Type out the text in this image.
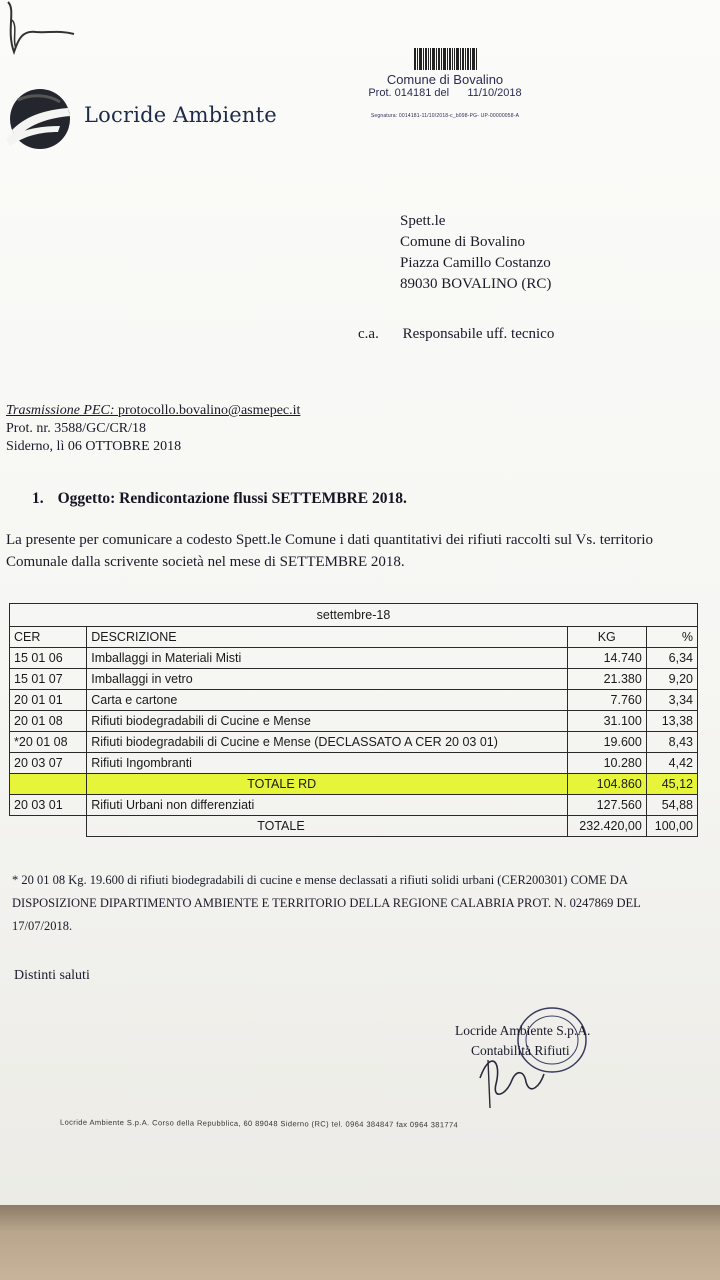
Comune di Bovalino
Prot. 014181 del      11/10/2018
Segnatura: 0014181-11/10/2018-c_b098-PG- UP-00000058-A
Locride Ambiente
Spett.le
Comune di Bovalino
Piazza Camillo Costanzo
89030 BOVALINO (RC)
c.a. Responsabile uff. tecnico
Trasmissione PEC: protocollo.bovalino@asmepec.it
Prot. nr. 3588/GC/CR/18
Siderno, lì 06 OTTOBRE 2018
1. Oggetto: Rendicontazione flussi SETTEMBRE 2018.
La presente per comunicare a codesto Spett.le Comune i dati quantitativi dei rifiuti raccolti sul Vs. territorio Comunale dalla scrivente società nel mese di SETTEMBRE 2018.
settembre-18			
CER	DESCRIZIONE	KG	%
15 01 06	Imballaggi in Materiali Misti	14.740	6,34
15 01 07	Imballaggi in vetro	21.380	9,20
20 01 01	Carta e cartone	7.760	3,34
20 01 08	Rifiuti biodegradabili di Cucine e Mense	31.100	13,38
*20 01 08	Rifiuti biodegradabili di Cucine e Mense (DECLASSATO A CER 20 03 01)	19.600	8,43
20 03 07	Rifiuti Ingombranti	10.280	4,42
	TOTALE RD	104.860	45,12
20 03 01	Rifiuti Urbani non differenziati	127.560	54,88
	TOTALE	232.420,00	100,00
* 20 01 08 Kg. 19.600 di rifiuti biodegradabili di cucine e mense declassati a rifiuti solidi urbani (CER200301) COME DA DISPOSIZIONE DIPARTIMENTO AMBIENTE E TERRITORIO DELLA REGIONE CALABRIA PROT. N. 0247869 DEL 17/07/2018.
Distinti saluti
Locride Ambiente S.p.A.
Contabilità Rifiuti
Locride Ambiente S.p.A. Corso della Repubblica, 60 89048 Siderno (RC) tel. 0964 384847 fax 0964 381774
